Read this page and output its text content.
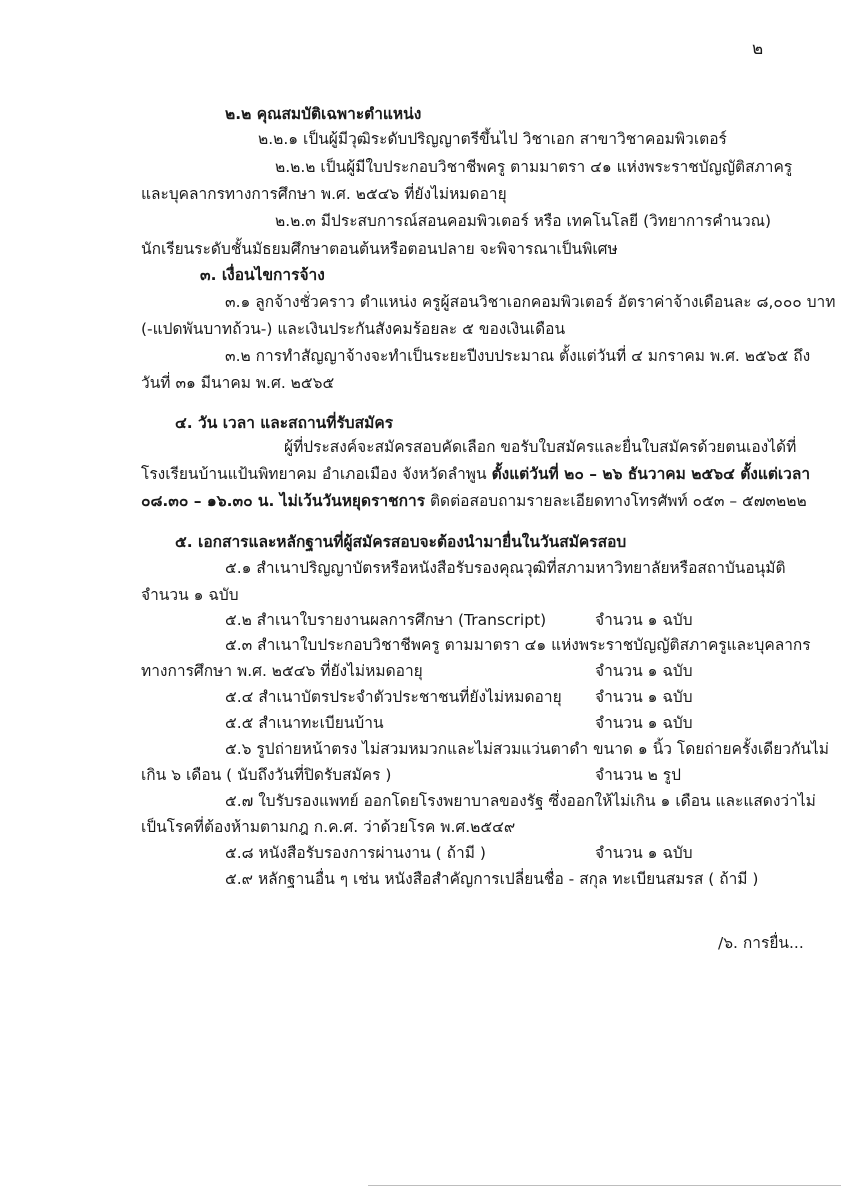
๒
๒.๒ คุณสมบัติเฉพาะตำแหน่ง
๒.๒.๑ เป็นผู้มีวุฒิระดับปริญญาตรีขึ้นไป วิชาเอก สาขาวิชาคอมพิวเตอร์
๒.๒.๒ เป็นผู้มีใบประกอบวิชาชีพครู ตามมาตรา ๔๑ แห่งพระราชบัญญัติสภาครู
และบุคลากรทางการศึกษา พ.ศ. ๒๕๔๖ ที่ยังไม่หมดอายุ
๒.๒.๓ มีประสบการณ์สอนคอมพิวเตอร์ หรือ เทคโนโลยี (วิทยาการคำนวณ)
นักเรียนระดับชั้นมัธยมศึกษาตอนต้นหรือตอนปลาย จะพิจารณาเป็นพิเศษ
๓. เงื่อนไขการจ้าง
๓.๑ ลูกจ้างชั่วคราว ตำแหน่ง ครูผู้สอนวิชาเอกคอมพิวเตอร์ อัตราค่าจ้างเดือนละ ๘,๐๐๐ บาท
(-แปดพันบาทถ้วน-) และเงินประกันสังคมร้อยละ ๕ ของเงินเดือน
๓.๒ การทำสัญญาจ้างจะทำเป็นระยะปีงบประมาณ ตั้งแต่วันที่ ๔ มกราคม พ.ศ. ๒๕๖๕ ถึง
วันที่ ๓๑ มีนาคม พ.ศ. ๒๕๖๕
๔. วัน เวลา และสถานที่รับสมัคร
ผู้ที่ประสงค์จะสมัครสอบคัดเลือก ขอรับใบสมัครและยื่นใบสมัครด้วยตนเองได้ที่
โรงเรียนบ้านแป้นพิทยาคม อำเภอเมือง จังหวัดลำพูน ตั้งแต่วันที่ ๒๐ – ๒๖ ธันวาคม ๒๕๖๔ ตั้งแต่เวลา
๐๘.๓๐ – ๑๖.๓๐ น. ไม่เว้นวันหยุดราชการ ติดต่อสอบถามรายละเอียดทางโทรศัพท์ ๐๕๓ – ๕๗๓๒๒๒
๕. เอกสารและหลักฐานที่ผู้สมัครสอบจะต้องนำมายื่นในวันสมัครสอบ
๕.๑ สำเนาปริญญาบัตรหรือหนังสือรับรองคุณวุฒิที่สภามหาวิทยาลัยหรือสถาบันอนุมัติ
จำนวน ๑ ฉบับ
๕.๒ สำเนาใบรายงานผลการศึกษา (Transcript)	จำนวน ๑ ฉบับ
๕.๓ สำเนาใบประกอบวิชาชีพครู ตามมาตรา ๔๑ แห่งพระราชบัญญัติสภาครูและบุคลากร
ทางการศึกษา พ.ศ. ๒๕๔๖ ที่ยังไม่หมดอายุ	จำนวน ๑ ฉบับ
๕.๔ สำเนาบัตรประจำตัวประชาชนที่ยังไม่หมดอายุ จำนวน ๑ ฉบับ
๕.๕ สำเนาทะเบียนบ้าน	จำนวน ๑ ฉบับ
๕.๖ รูปถ่ายหน้าตรง ไม่สวมหมวกและไม่สวมแว่นตาดำ ขนาด ๑ นิ้ว โดยถ่ายครั้งเดียวกันไม่
เกิน ๖ เดือน ( นับถึงวันที่ปิดรับสมัคร )	จำนวน ๒ รูป
๕.๗ ใบรับรองแพทย์ ออกโดยโรงพยาบาลของรัฐ ซึ่งออกให้ไม่เกิน ๑ เดือน และแสดงว่าไม่
เป็นโรคที่ต้องห้ามตามกฎ ก.ค.ศ. ว่าด้วยโรค พ.ศ.๒๕๔๙
๕.๘ หนังสือรับรองการผ่านงาน ( ถ้ามี )	จำนวน ๑ ฉบับ
๕.๙ หลักฐานอื่น ๆ เช่น หนังสือสำคัญการเปลี่ยนชื่อ - สกุล ทะเบียนสมรส ( ถ้ามี )
/๖. การยื่น...
